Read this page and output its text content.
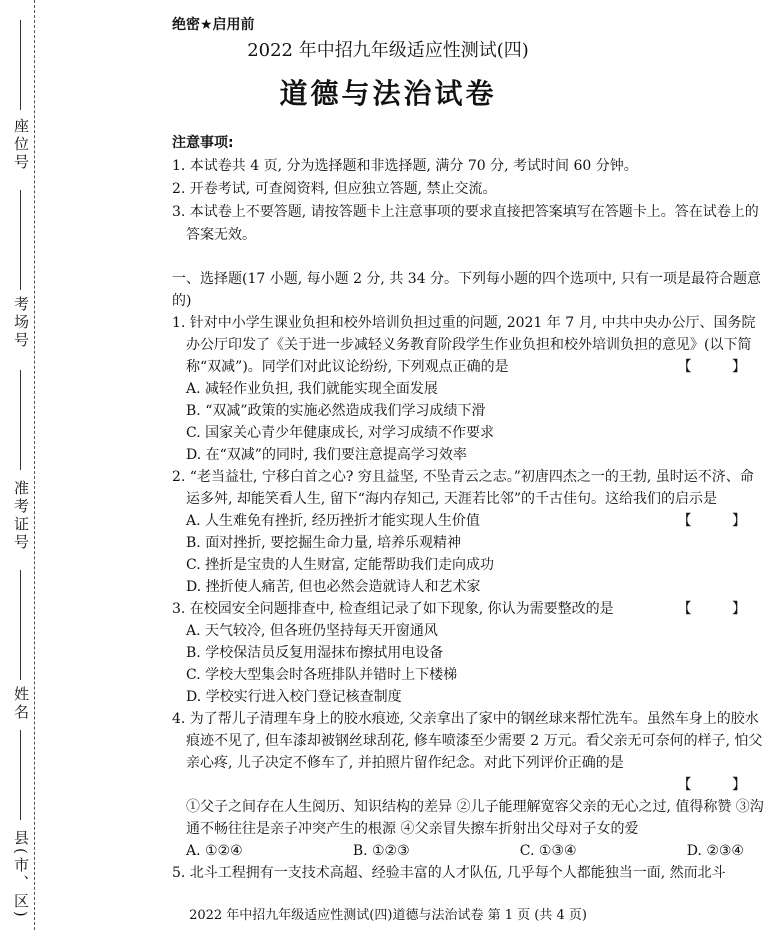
座位号
考场号
准考证号
姓名
县(市、区)
绝密★启用前
2022 年中招九年级适应性测试(四)
道德与法治试卷
注意事项:
1. 本试卷共 4 页, 分为选择题和非选择题, 满分 70 分, 考试时间 60 分钟。
2. 开卷考试, 可查阅资料, 但应独立答题, 禁止交流。
3. 本试卷上不要答题, 请按答题卡上注意事项的要求直接把答案填写在答题卡上。答在试卷上的答案无效。
一、选择题(17 小题, 每小题 2 分, 共 34 分。下列每小题的四个选项中, 只有一项是最符合题意的)
1. 针对中小学生课业负担和校外培训负担过重的问题, 2021 年 7 月, 中共中央办公厅、国务院办公厅印发了《关于进一步减轻义务教育阶段学生作业负担和校外培训负担的意见》(以下简称“双减”)。同学们对此议论纷纷, 下列观点正确的是	【 】
A. 减轻作业负担, 我们就能实现全面发展
B. “双减”政策的实施必然造成我们学习成绩下滑
C. 国家关心青少年健康成长, 对学习成绩不作要求
D. 在“双减”的同时, 我们要注意提高学习效率
2. “老当益壮, 宁移白首之心? 穷且益坚, 不坠青云之志。”初唐四杰之一的王勃, 虽时运不济、命运多舛, 却能笑看人生, 留下“海内存知己, 天涯若比邻”的千古佳句。这给我们的启示是
【 】
A. 人生难免有挫折, 经历挫折才能实现人生价值
B. 面对挫折, 要挖掘生命力量, 培养乐观精神
C. 挫折是宝贵的人生财富, 定能帮助我们走向成功
D. 挫折使人痛苦, 但也必然会造就诗人和艺术家
3. 在校园安全问题排查中, 检查组记录了如下现象, 你认为需要整改的是	【 】
A. 天气较冷, 但各班仍坚持每天开窗通风
B. 学校保洁员反复用湿抹布擦拭用电设备
C. 学校大型集会时各班排队并错时上下楼梯
D. 学校实行进入校门登记核查制度
4. 为了帮儿子清理车身上的胶水痕迹, 父亲拿出了家中的钢丝球来帮忙洗车。虽然车身上的胶水痕迹不见了, 但车漆却被钢丝球刮花, 修车喷漆至少需要 2 万元。看父亲无可奈何的样子, 怕父亲心疼, 儿子决定不修车了, 并拍照片留作纪念。对此下列评价正确的是
【 】
①父子之间存在人生阅历、知识结构的差异 ②儿子能理解宽容父亲的无心之过, 值得称赞 ③沟通不畅往往是亲子冲突产生的根源 ④父亲冒失擦车折射出父母对子女的爱
A. ①②④	B. ①②③	C. ①③④	D. ②③④
5. 北斗工程拥有一支技术高超、经验丰富的人才队伍, 几乎每个人都能独当一面, 然而北斗
2022 年中招九年级适应性测试(四)道德与法治试卷 第 1 页 (共 4 页)
